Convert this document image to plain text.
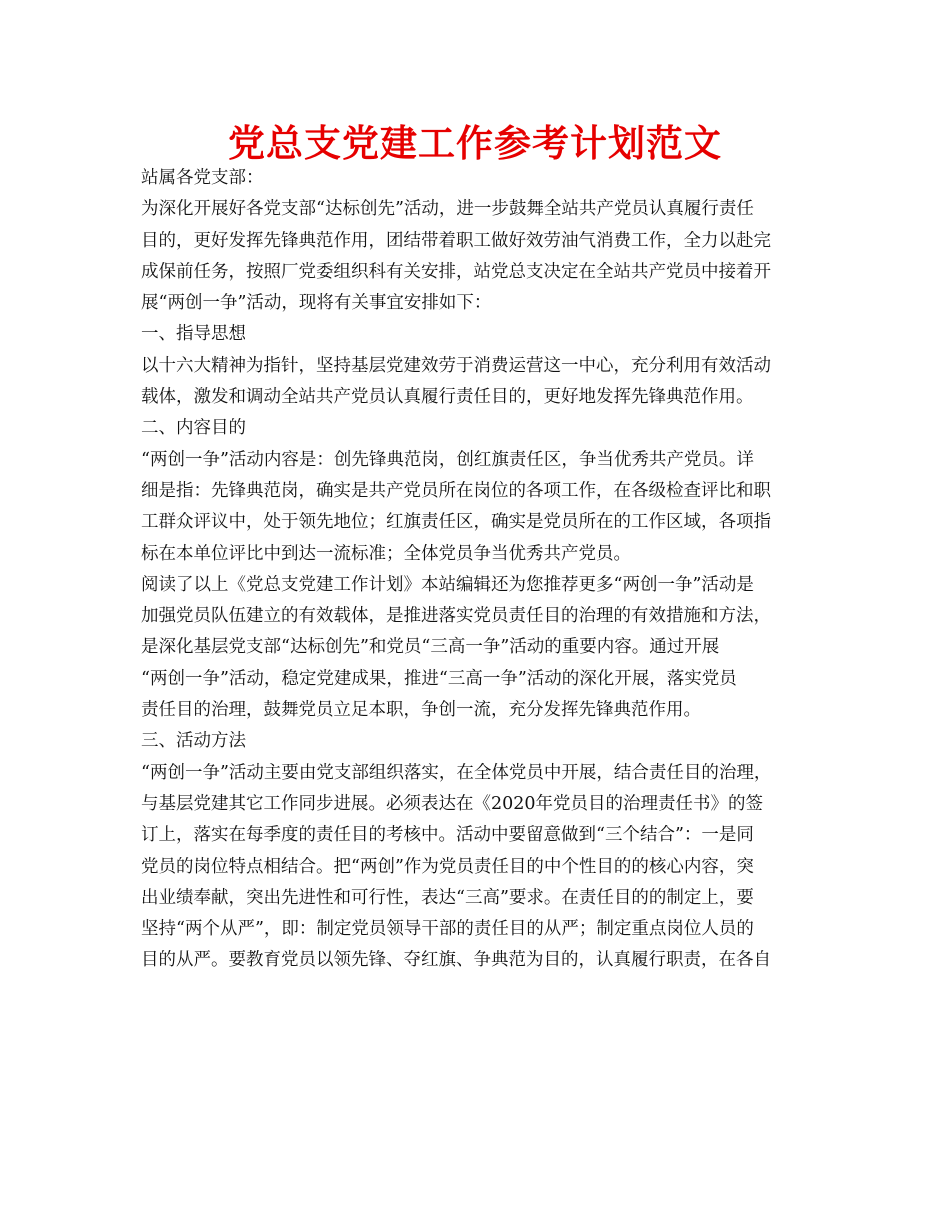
党总支党建工作参考计划范文
站属各党支部：
为深化开展好各党支部“达标创先”活动，进一步鼓舞全站共产党员认真履行责任
目的，更好发挥先锋典范作用，团结带着职工做好效劳油气消费工作，全力以赴完
成保前任务，按照厂党委组织科有关安排，站党总支决定在全站共产党员中接着开
展“两创一争”活动，现将有关事宜安排如下：
一、指导思想
以十六大精神为指针，坚持基层党建效劳于消费运营这一中心，充分利用有效活动
载体，激发和调动全站共产党员认真履行责任目的，更好地发挥先锋典范作用。
二、内容目的
“两创一争”活动内容是：创先锋典范岗，创红旗责任区，争当优秀共产党员。详
细是指：先锋典范岗，确实是共产党员所在岗位的各项工作，在各级检查评比和职
工群众评议中，处于领先地位；红旗责任区，确实是党员所在的工作区域，各项指
标在本单位评比中到达一流标准；全体党员争当优秀共产党员。
阅读了以上《党总支党建工作计划》本站编辑还为您推荐更多“两创一争”活动是
加强党员队伍建立的有效载体，是推进落实党员责任目的治理的有效措施和方法，
是深化基层党支部“达标创先”和党员“三高一争”活动的重要内容。通过开展
“两创一争”活动，稳定党建成果，推进“三高一争”活动的深化开展，落实党员
责任目的治理，鼓舞党员立足本职，争创一流，充分发挥先锋典范作用。
三、活动方法
“两创一争”活动主要由党支部组织落实，在全体党员中开展，结合责任目的治理，
与基层党建其它工作同步进展。必须表达在《2020年党员目的治理责任书》的签
订上，落实在每季度的责任目的考核中。活动中要留意做到“三个结合”：一是同
党员的岗位特点相结合。把“两创”作为党员责任目的中个性目的的核心内容，突
出业绩奉献，突出先进性和可行性，表达“三高”要求。在责任目的的制定上，要
坚持“两个从严”，即：制定党员领导干部的责任目的从严；制定重点岗位人员的
目的从严。要教育党员以领先锋、夺红旗、争典范为目的，认真履行职责，在各自
